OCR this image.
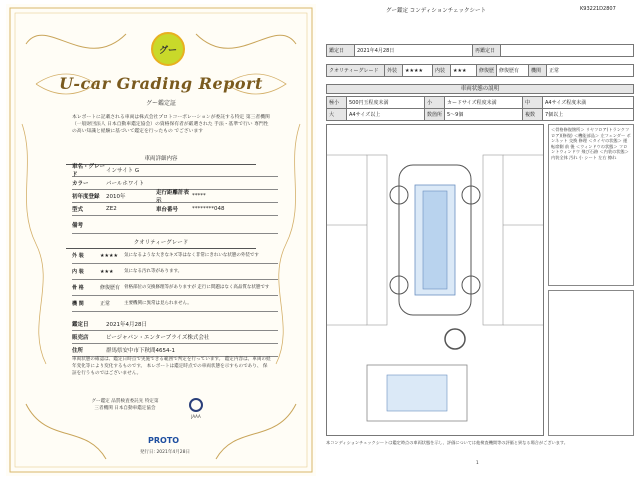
グー
U-car Grading Report
グー鑑定証
本レポートに記載される車両は株式会社プロトコーポレーションが委託する特定 第三者機関（一般財団法人 日本自動車鑑定協会）の資格保有者が厳選された 手法・基準で行い 専門性の高い知識と経験に基づいて鑑定を行ったもの でございます
車両詳細内容
車名・グレード
インサイト G
カラー	パールホワイト
初年度登録	2010年
走行距離計表示
*****
型式	ZE2	車台番号	********048
備考
クオリティーグレード
外 装	★★★★	気になるような大きなキズ等はなく非常にきれいな状態の外装です
内 装	★★★	気になる汚れ等があります。
骨 格	修復歴有 骨格部位の交換修理等がありますが 走行に問題はなく高品質な状態です
機 関	正常	主要機関に異常は見られません。
鑑定日	2021年4月28日
販売店	ビージャパン・エンタープライズ株式会社
住所	群馬県安中市下秋間4654-1
車両状態の確認は、鑑定日時点で実施できる範囲で判定を行っています。 鑑定内容は、車両の経年変化等により変化するものです。 本レポートは鑑定時点での車両状態を示すものであり、 保証を行うものではございません。
グー鑑定 品質検査委託先 特定第三者機関 日本自動車鑑定協会
JAAA
PROTO
発行日: 2021年4月28日
グー鑑定 コンディションチェックシート	K93221D2807
鑑定日	2021年4月28日	再鑑定日	
クオリティーグレード	外装	★★★★	内装	★★★	修復歴	修復歴有	機関	正常
車両状態の説明
極小	500円玉程度未満	小	カードサイズ程度未満	中	A4サイズ程度未満
大	A4サイズ以上	数箇所	5〜9個	複数	7個以上
＜骨格修復箇所＞ リヤフロア(トランクフロア)(修復) ＜機能部品＞ 左フェンダー ボンネット 交換 修理 ＜タイヤの状態＞ 運転席側 前 後 ＜ウィンドウの状態＞ フロントウィンドウ 飛び石跡 ＜内装の状態＞ 内装全体 汚れ 小 シート 左右 擦れ
本コンディションチェックシートは鑑定時点の車両状態を示し、評価については他検査機関等の評価と異なる場合がございます。
1
